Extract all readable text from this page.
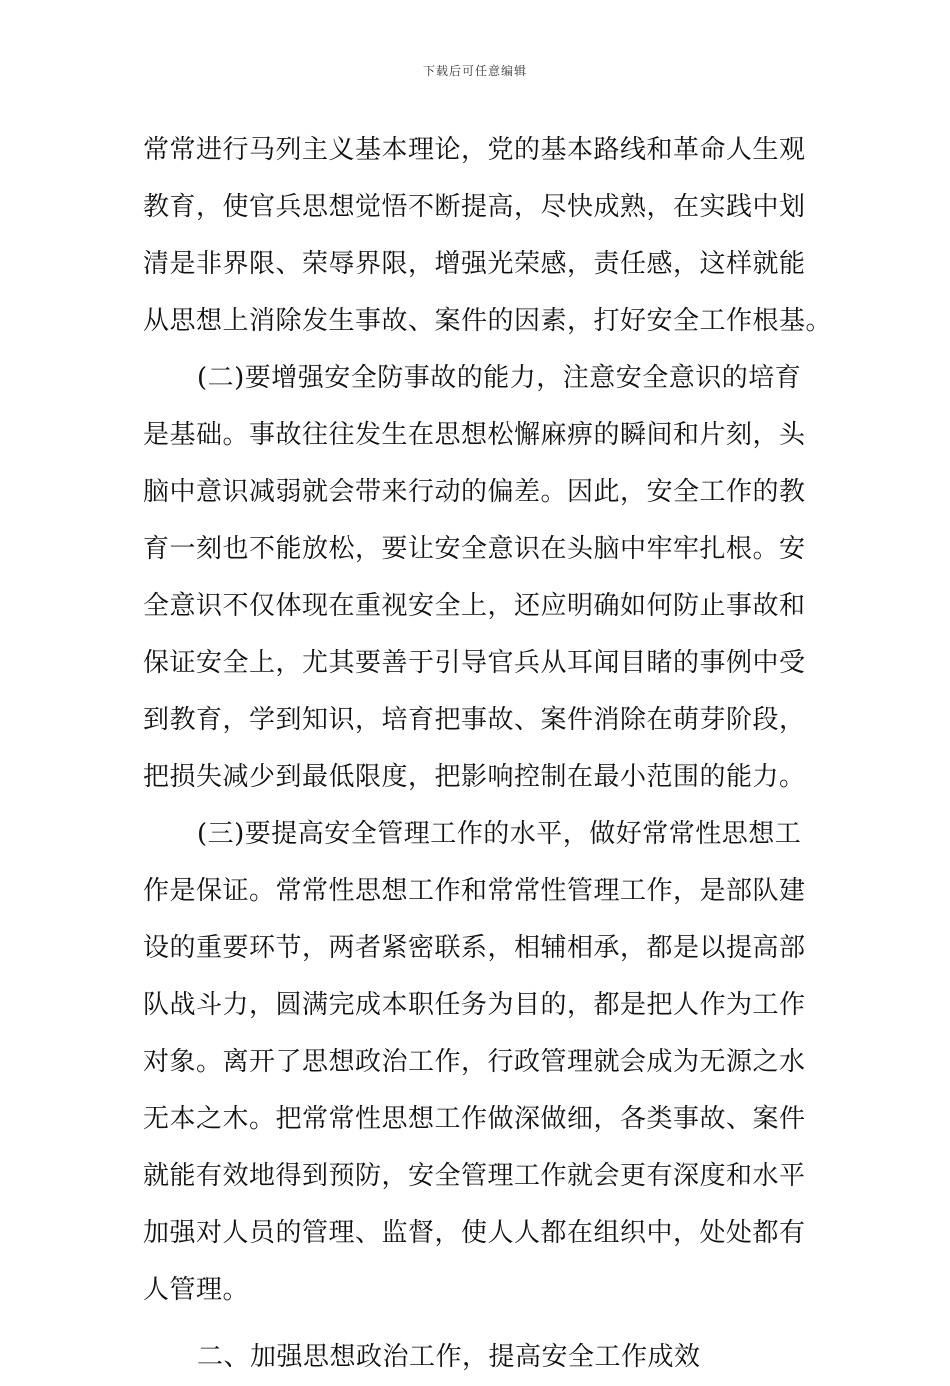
下载后可任意编辑
常常进行马列主义基本理论，党的基本路线和革命人生观
教育，使官兵思想觉悟不断提高，尽快成熟，在实践中划
清是非界限、荣辱界限，增强光荣感，责任感，这样就能
从思想上消除发生事故、案件的因素，打好安全工作根基。
(二)要增强安全防事故的能力，注意安全意识的培育
是基础。事故往往发生在思想松懈麻痹的瞬间和片刻，头
脑中意识减弱就会带来行动的偏差。因此，安全工作的教
育一刻也不能放松，要让安全意识在头脑中牢牢扎根。安
全意识不仅体现在重视安全上，还应明确如何防止事故和
保证安全上，尤其要善于引导官兵从耳闻目睹的事例中受
到教育，学到知识，培育把事故、案件消除在萌芽阶段，
把损失减少到最低限度，把影响控制在最小范围的能力。
(三)要提高安全管理工作的水平，做好常常性思想工
作是保证。常常性思想工作和常常性管理工作，是部队建
设的重要环节，两者紧密联系，相辅相承，都是以提高部
队战斗力，圆满完成本职任务为目的，都是把人作为工作
对象。离开了思想政治工作，行政管理就会成为无源之水
无本之木。把常常性思想工作做深做细，各类事故、案件
就能有效地得到预防，安全管理工作就会更有深度和水平
加强对人员的管理、监督，使人人都在组织中，处处都有
人管理。
二、加强思想政治工作，提高安全工作成效
